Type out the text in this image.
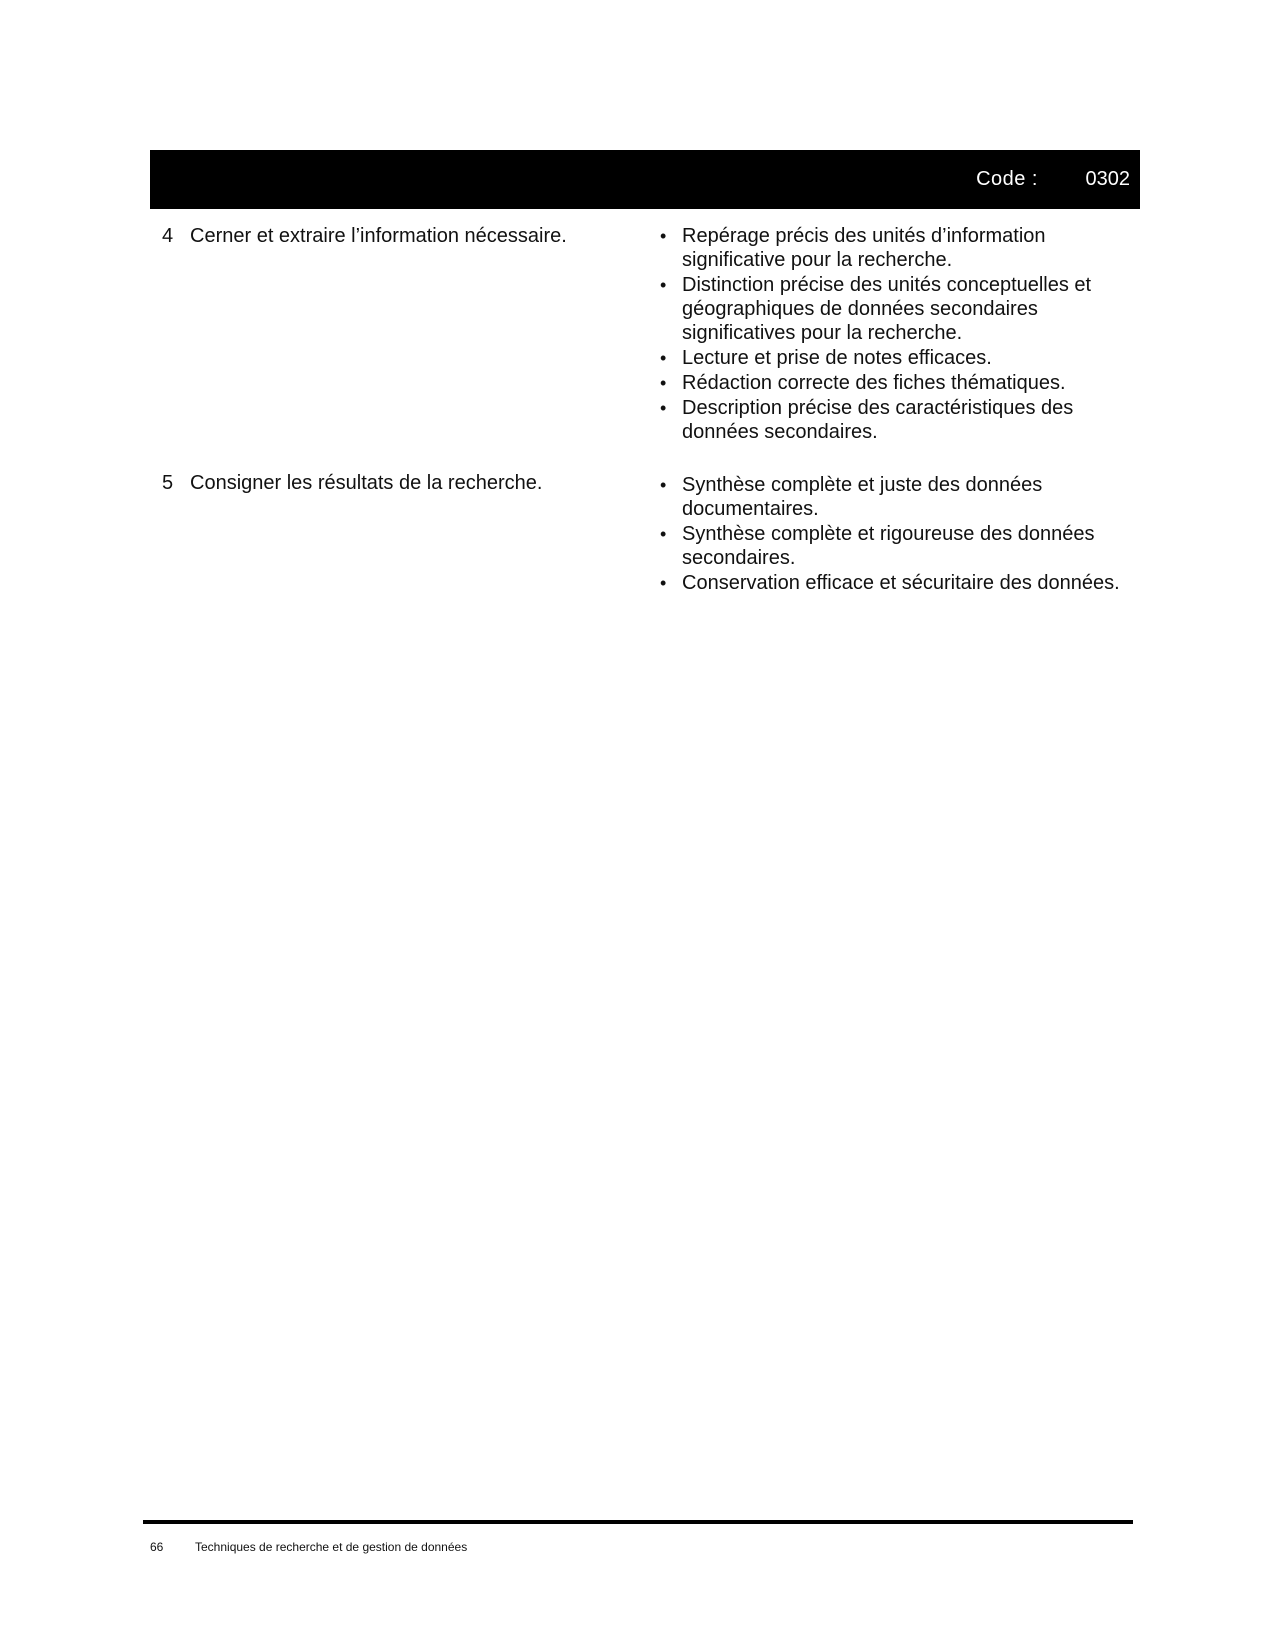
Code : 0302
4 Cerner et extraire l’information nécessaire.	• Repérage précis des unités d’information significative pour la recherche.
• Distinction précise des unités conceptuelles et géographiques de données secondaires significatives pour la recherche.
• Lecture et prise de notes efficaces.
• Rédaction correcte des fiches thématiques.
• Description précise des caractéristiques des données secondaires.
5 Consigner les résultats de la recherche.	• Synthèse complète et juste des données documentaires.
• Synthèse complète et rigoureuse des données secondaires.
• Conservation efficace et sécuritaire des données.
66	Techniques de recherche et de gestion de données
